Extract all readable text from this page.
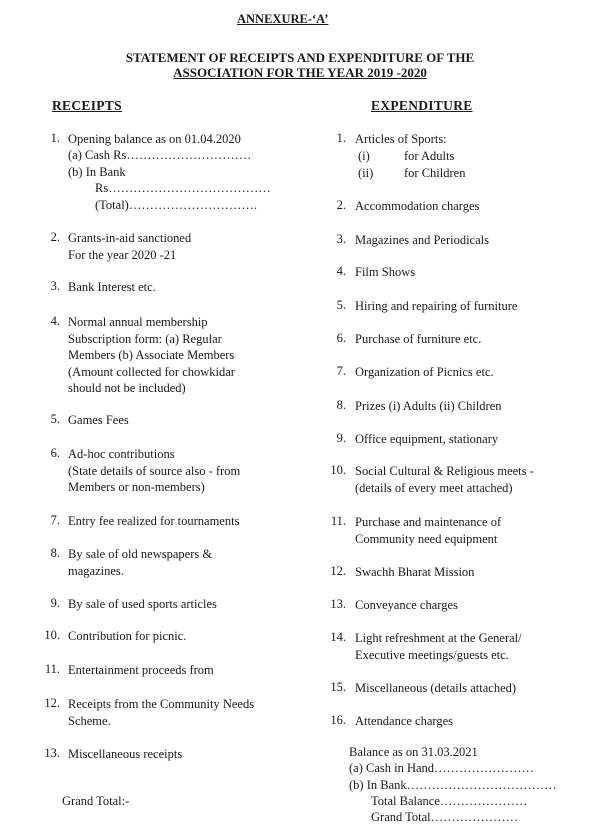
ANNEXURE-‘A’
STATEMENT OF RECEIPTS AND EXPENDITURE OF THE
ASSOCIATION FOR THE YEAR 2019 -2020
RECEIPTS	EXPENDITURE
1. Opening balance as on 01.04.2020
2. Grants-in-aid sanctioned
For the year 2020 -21
3. Bank Interest etc.
4. Normal annual membership
Subscription form: (a) Regular
Members (b) Associate Members
(Amount collected for chowkidar
should not be included)
5. Games Fees
6. Ad-hoc contributions
(State details of source also - from
Members or non-members)
7. Entry fee realized for tournaments
8. By sale of old newspapers &
magazines.
9. By sale of used sports articles
10. Contribution for picnic.
11. Entertainment proceeds from
12. Receipts from the Community Needs
Scheme.
13. Miscellaneous receipts
(a) Cash Rs…………………………
(b) In Bank
Rs…………………………………
(Total)………………………….
1. Articles of Sports:
2. Accommodation charges
3. Magazines and Periodicals
4. Film Shows
5. Hiring and repairing of furniture
6. Purchase of furniture etc.
7. Organization of Picnics etc.
8. Prizes (i) Adults (ii) Children
9. Office equipment, stationary
10. Social Cultural & Religious meets -
(details of every meet attached)
11. Purchase and maintenance of
Community need equipment
12. Swachh Bharat Mission
13. Conveyance charges
14. Light refreshment at the General/
Executive meetings/guests etc.
15. Miscellaneous (details attached)
16. Attendance charges
(i)	for Adults
(ii) for Children
Balance as on 31.03.2021
(a) Cash in Hand……………………
(b) In Bank………………………………
Total Balance…………………
Grand Total…………………
Grand Total:-
